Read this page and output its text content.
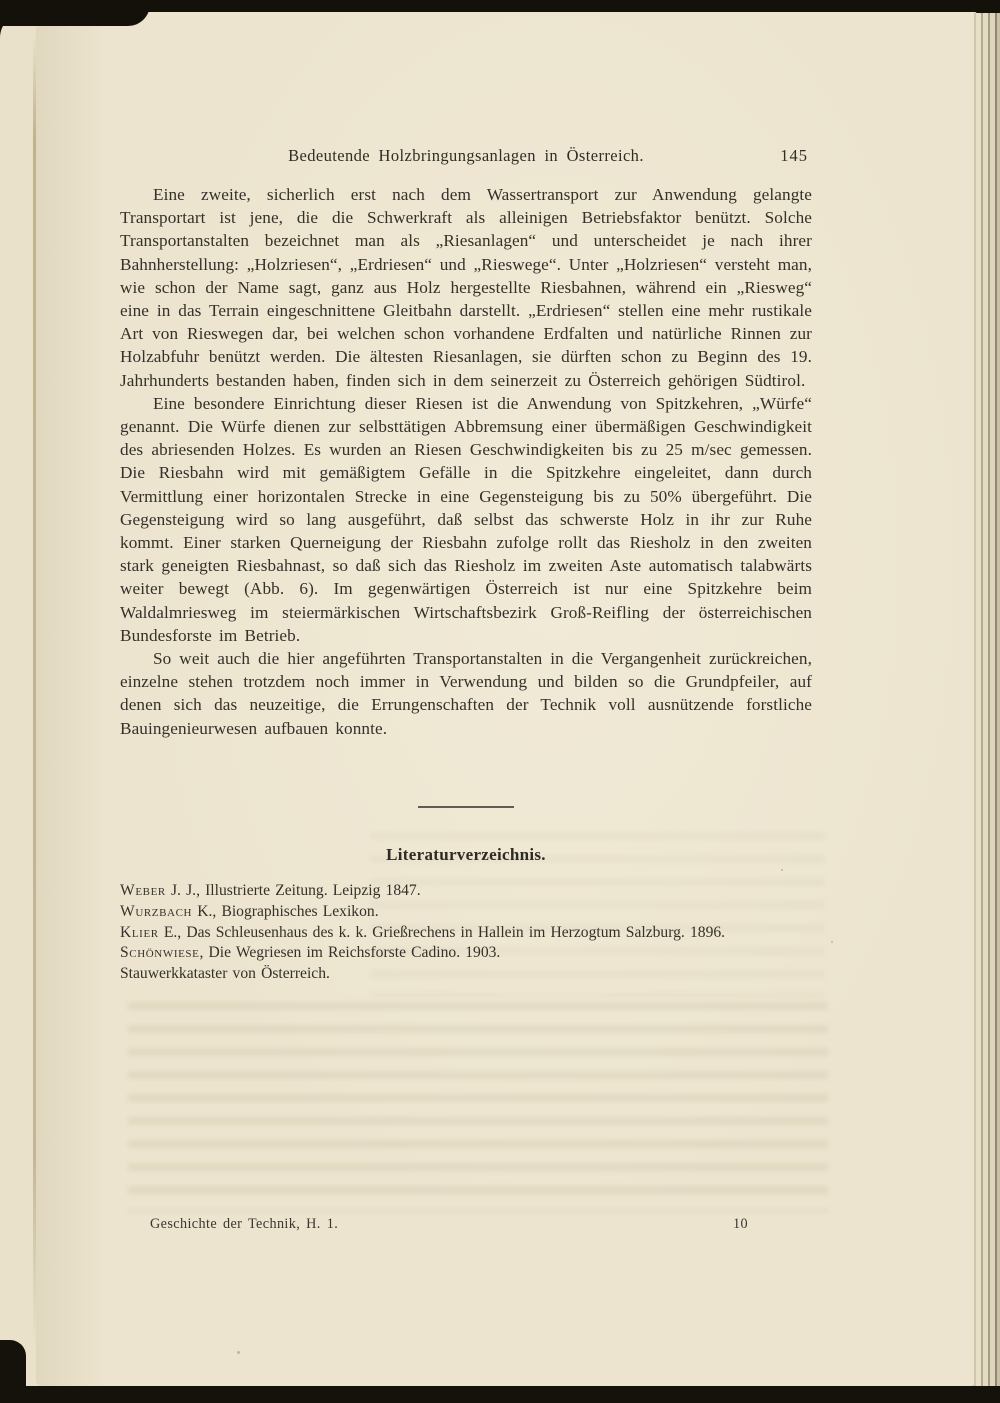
Bedeutende Holzbringungsanlagen in Österreich.	145

Eine zweite, sicherlich erst nach dem Wassertransport zur Anwendung gelangte Transportart ist jene, die die Schwerkraft als alleinigen Betriebsfaktor benützt. Solche Transportanstalten bezeichnet man als „Riesanlagen“ und unterscheidet je nach ihrer Bahnherstellung: „Holzriesen“, „Erdriesen“ und „Rieswege“. Unter „Holzriesen“ versteht man, wie schon der Name sagt, ganz aus Holz hergestellte Riesbahnen, während ein „Riesweg“ eine in das Terrain eingeschnittene Gleitbahn darstellt. „Erdriesen“ stellen eine mehr rustikale Art von Rieswegen dar, bei welchen schon vorhandene Erdfalten und natürliche Rinnen zur Holzabfuhr benützt werden. Die ältesten Riesanlagen, sie dürften schon zu Beginn des 19. Jahrhunderts bestanden haben, finden sich in dem seinerzeit zu Österreich gehörigen Südtirol.

Eine besondere Einrichtung dieser Riesen ist die Anwendung von Spitzkehren, „Würfe“ genannt. Die Würfe dienen zur selbsttätigen Abbremsung einer übermäßigen Geschwindigkeit des abriesenden Holzes. Es wurden an Riesen Geschwindigkeiten bis zu 25 m/sec gemessen. Die Riesbahn wird mit gemäßigtem Gefälle in die Spitzkehre eingeleitet, dann durch Vermittlung einer horizontalen Strecke in eine Gegensteigung bis zu 50% übergeführt. Die Gegensteigung wird so lang ausgeführt, daß selbst das schwerste Holz in ihr zur Ruhe kommt. Einer starken Querneigung der Riesbahn zufolge rollt das Riesholz in den zweiten stark geneigten Riesbahnast, so daß sich das Riesholz im zweiten Aste automatisch talabwärts weiter bewegt (Abb. 6). Im gegenwärtigen Österreich ist nur eine Spitzkehre beim Waldalmriesweg im steiermärkischen Wirtschaftsbezirk Groß-Reifling der österreichischen Bundesforste im Betrieb.

So weit auch die hier angeführten Transportanstalten in die Vergangenheit zurückreichen, einzelne stehen trotzdem noch immer in Verwendung und bilden so die Grundpfeiler, auf denen sich das neuzeitige, die Errungenschaften der Technik voll ausnützende forstliche Bauingenieurwesen aufbauen konnte.

Literaturverzeichnis.
Weber J. J., Illustrierte Zeitung. Leipzig 1847.
Wurzbach K., Biographisches Lexikon.
Klier E., Das Schleusenhaus des k. k. Grießrechens in Hallein im Herzogtum Salzburg. 1896.
Schönwiese, Die Wegriesen im Reichsforste Cadino. 1903.
Stauwerkkataster von Österreich.
Geschichte der Technik, H. 1.	10
